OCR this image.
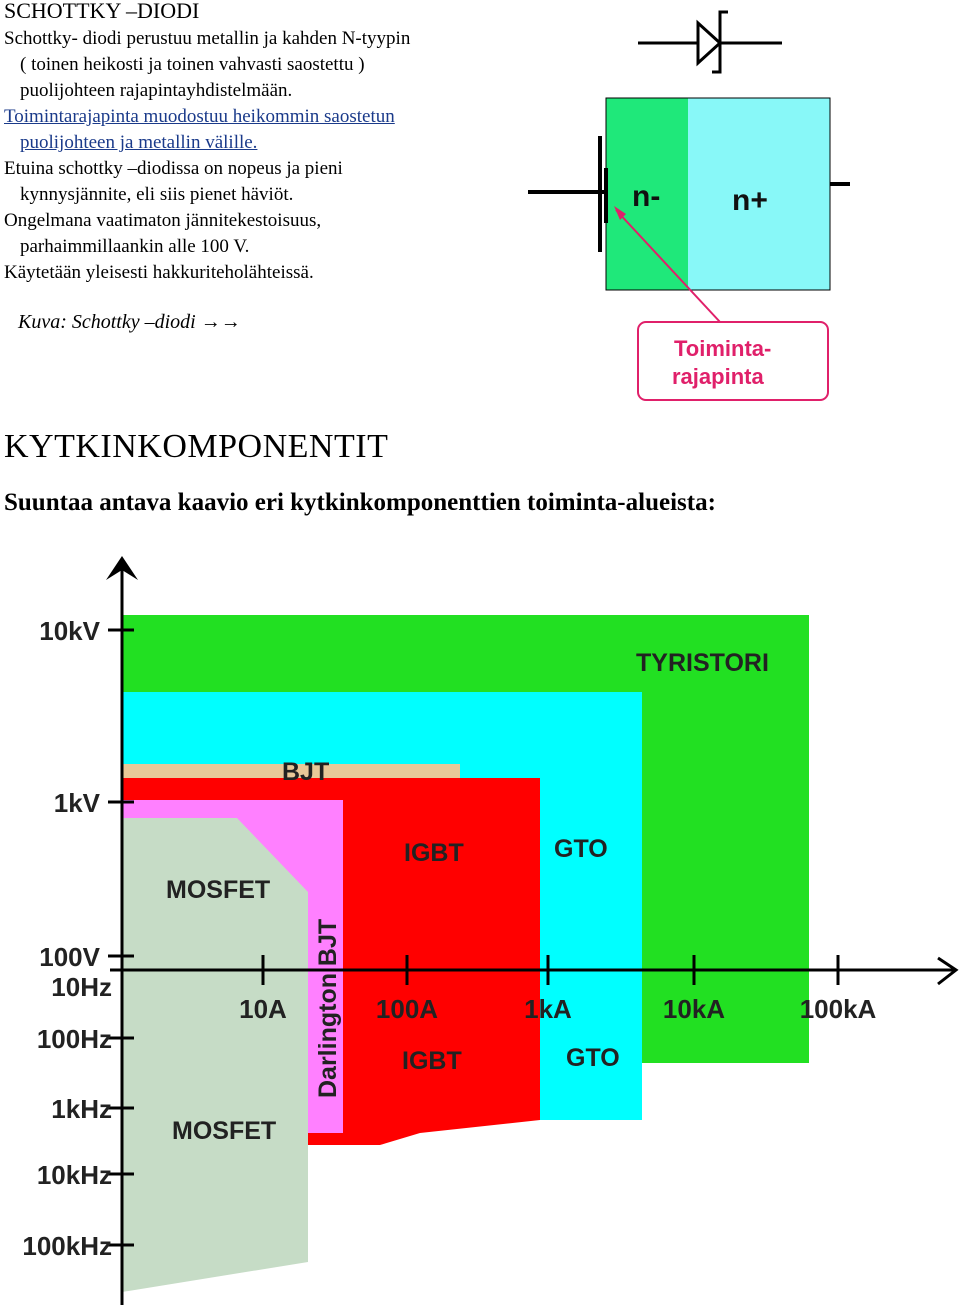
SCHOTTKY –DIODI
Schottky- diodi perustuu metallin ja kahden N-tyypin
( toinen heikosti ja toinen vahvasti saostettu )
puolijohteen rajapintayhdistelmään.
Toimintarajapinta muodostuu heikommin saostetun
puolijohteen ja metallin välille.
Etuina schottky –diodissa on nopeus ja pieni
kynnysjännite, eli siis pienet häviöt.
Ongelmana vaatimaton jännitekestoisuus,
parhaimmillaankin alle 100 V.
Käytetään yleisesti hakkuriteholähteissä.
Kuva: Schottky –diodi →→
n- n+
Toiminta-
rajapinta
KYTKINKOMPONENTIT
Suuntaa antava kaavio eri kytkinkomponenttien toiminta-alueista:
10A	100A	1kA	10kA	100kA
10kV
1kV
100V
10Hz
100Hz
1kHz
10kHz
100kHz
TYRISTORI
GTO
GTO
BJT
IGBT
IGBT
Darlington BJT
MOSFET
MOSFET
